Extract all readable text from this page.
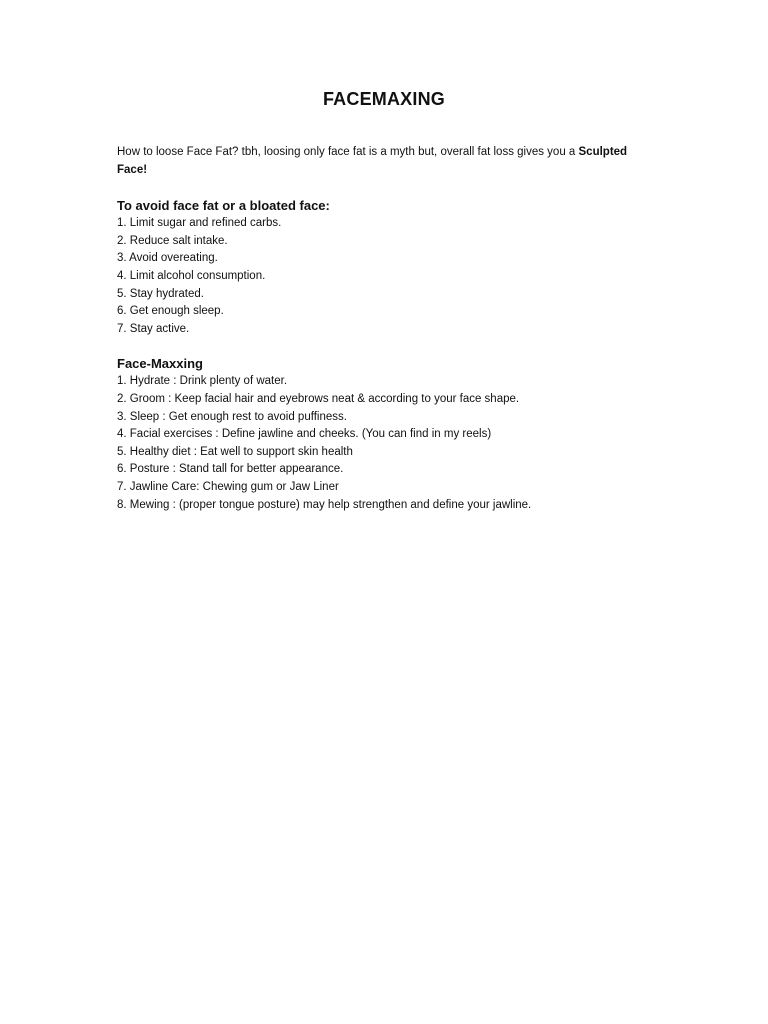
FACEMAXING

How to loose Face Fat? tbh, loosing only face fat is a myth but, overall fat loss gives you a Sculpted Face!

To avoid face fat or a bloated face:
1. Limit sugar and refined carbs.
2. Reduce salt intake.
3. Avoid overeating.
4. Limit alcohol consumption.
5. Stay hydrated.
6. Get enough sleep.
7. Stay active.
Face-Maxxing
1. Hydrate : Drink plenty of water.
2. Groom : Keep facial hair and eyebrows neat & according to your face shape.
3. Sleep : Get enough rest to avoid puffiness.
4. Facial exercises : Define jawline and cheeks. (You can find in my reels)
5. Healthy diet : Eat well to support skin health
6. Posture : Stand tall for better appearance.
7. Jawline Care: Chewing gum or Jaw Liner
8. Mewing : (proper tongue posture) may help strengthen and define your jawline.
